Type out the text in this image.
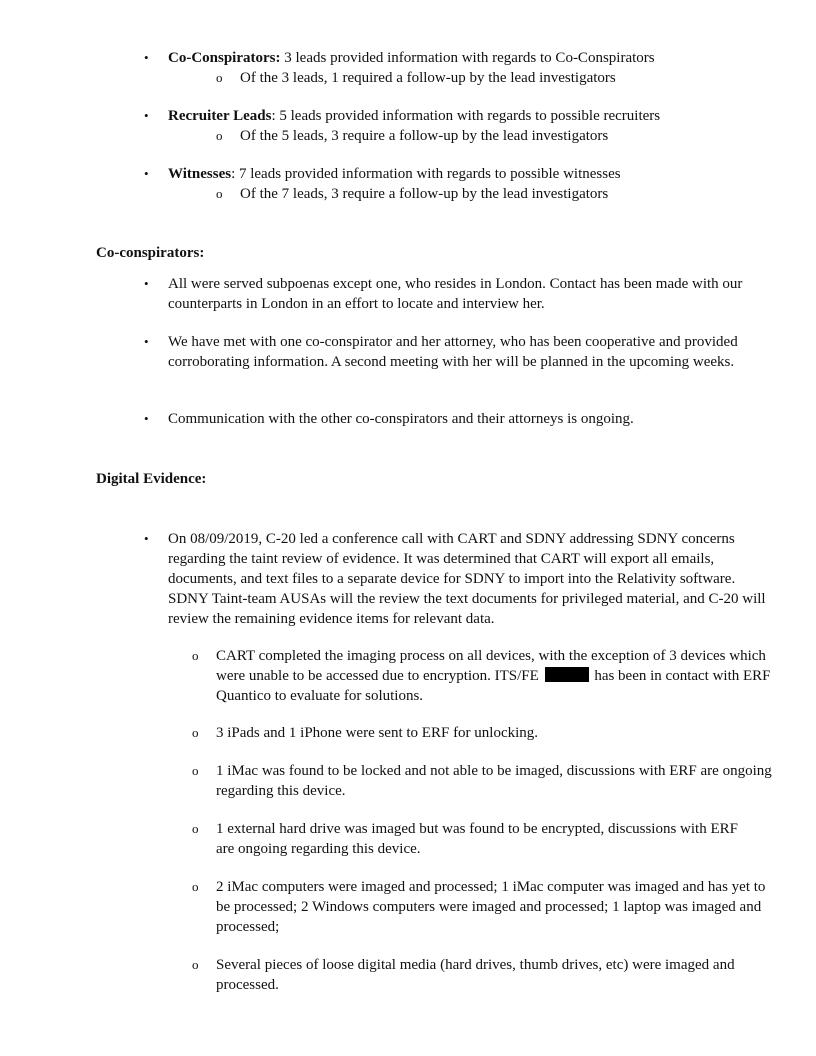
• Co-Conspirators: 3 leads provided information with regards to Co-Conspirators

o Of the 3 leads, 1 required a follow-up by the lead investigators

• Recruiter Leads: 5 leads provided information with regards to possible recruiters

o Of the 5 leads, 3 require a follow-up by the lead investigators

• Witnesses: 7 leads provided information with regards to possible witnesses

o Of the 7 leads, 3 require a follow-up by the lead investigators

Co-conspirators:

• All were served subpoenas except one, who resides in London. Contact has been made with our counterparts in London in an effort to locate and interview her.

• We have met with one co-conspirator and her attorney, who has been cooperative and provided corroborating information. A second meeting with her will be planned in the upcoming weeks.

• Communication with the other co-conspirators and their attorneys is ongoing.

Digital Evidence:

• On 08/09/2019, C-20 led a conference call with CART and SDNY addressing SDNY concerns regarding the taint review of evidence. It was determined that CART will export all emails, documents, and text files to a separate device for SDNY to import into the Relativity software. SDNY Taint-team AUSAs will the review the text documents for privileged material, and C-20 will review the remaining evidence items for relevant data.

o CART completed the imaging process on all devices, with the exception of 3 devices which were unable to be accessed due to encryption. ITS/FE	has been in contact with ERF Quantico to evaluate for solutions.

o 3 iPads and 1 iPhone were sent to ERF for unlocking.

o 1 iMac was found to be locked and not able to be imaged, discussions with ERF are ongoing regarding this device.

o 1 external hard drive was imaged but was found to be encrypted, discussions with ERF are ongoing regarding this device.

o 2 iMac computers were imaged and processed; 1 iMac computer was imaged and has yet to be processed; 2 Windows computers were imaged and processed; 1 laptop was imaged and processed;

o Several pieces of loose digital media (hard drives, thumb drives, etc) were imaged and processed.
